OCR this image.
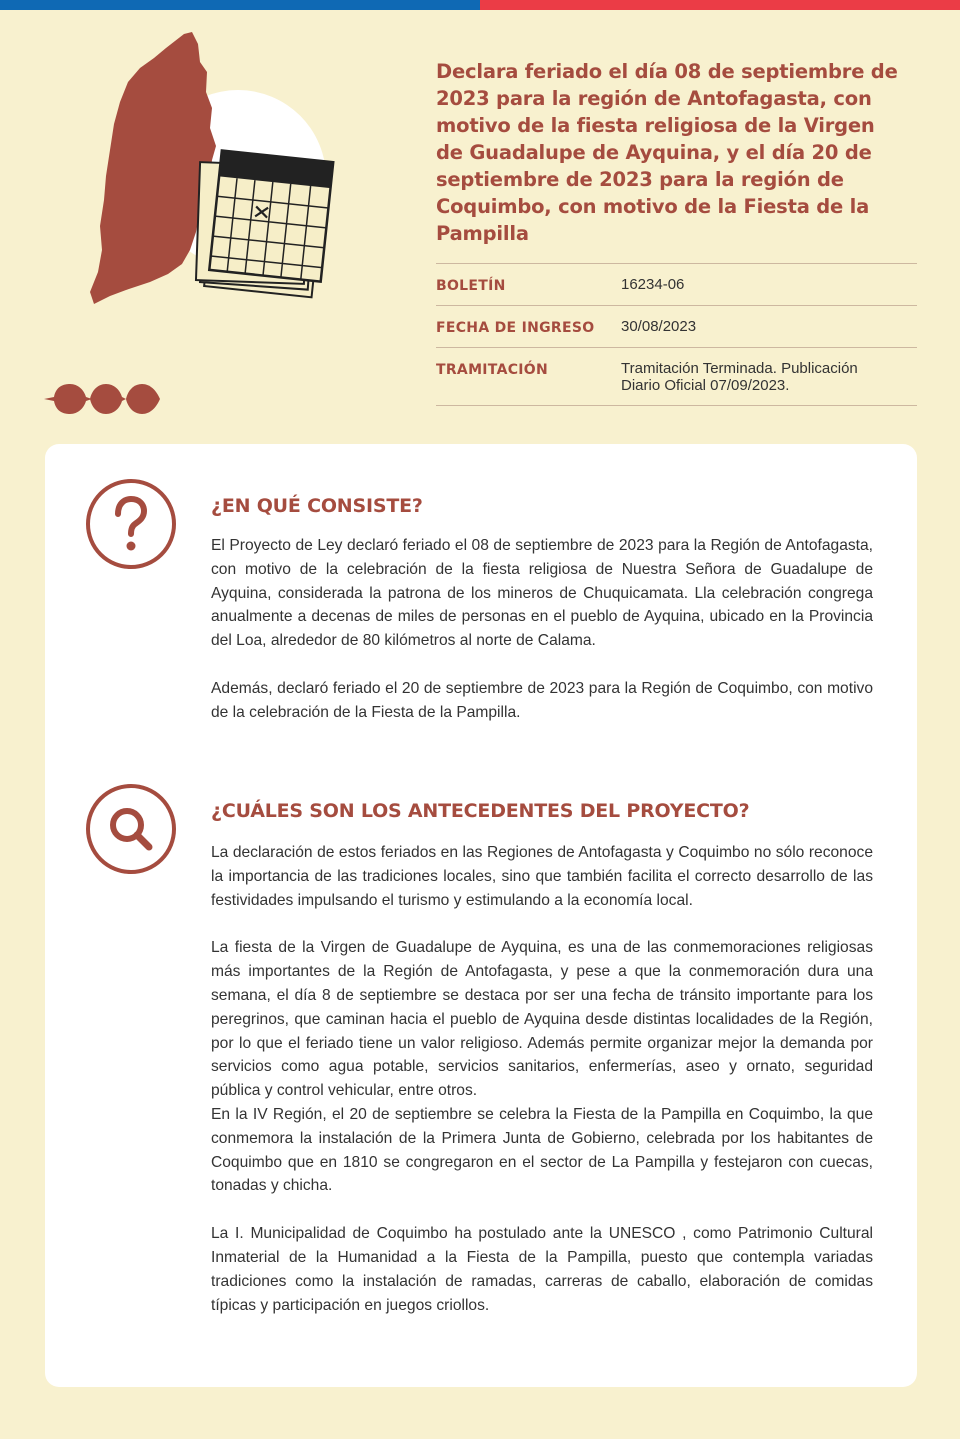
Declara feriado el día 08 de septiembre de 2023 para la región de Antofagasta, con motivo de la fiesta religiosa de la Virgen de Guadalupe de Ayquina, y el día 20 de septiembre de 2023 para la región de Coquimbo, con motivo de la Fiesta de la Pampilla
BOLETÍN	16234-06
FECHA DE INGRESO	30/08/2023
TRAMITACIÓN	Tramitación Terminada. Publicación Diario Oficial 07/09/2023.
¿EN QUÉ CONSISTE?

El Proyecto de Ley declaró feriado el 08 de septiembre de 2023 para la Región de Antofagasta, con motivo de la celebración de la fiesta religiosa de Nuestra Señora de Guadalupe de Ayquina, considerada la patrona de los mineros de Chuquicamata. Lla celebración congrega anualmente a decenas de miles de personas en el pueblo de Ayquina, ubicado en la Provincia del Loa, alrededor de 80 kilómetros al norte de Calama.

Además, declaró feriado el 20 de septiembre de 2023 para la Región de Coquimbo, con motivo de la celebración de la Fiesta de la Pampilla.

¿CUÁLES SON LOS ANTECEDENTES DEL PROYECTO?

La declaración de estos feriados en las Regiones de Antofagasta y Coquimbo no sólo reconoce la importancia de las tradiciones locales, sino que también facilita el correcto desarrollo de las festividades impulsando el turismo y estimulando a la economía local.

La fiesta de la Virgen de Guadalupe de Ayquina, es una de las conmemoraciones religiosas más importantes de la Región de Antofagasta, y pese a que la conmemoración dura una semana, el día 8 de septiembre se destaca por ser una fecha de tránsito importante para los peregrinos, que caminan hacia el pueblo de Ayquina desde distintas localidades de la Región, por lo que el feriado tiene un valor religioso. Además permite organizar mejor la demanda por servicios como agua potable, servicios sanitarios, enfermerías, aseo y ornato, seguridad pública y control vehicular, entre otros.

En la IV Región, el 20 de septiembre se celebra la Fiesta de la Pampilla en Coquimbo, la que conmemora la instalación de la Primera Junta de Gobierno, celebrada por los habitantes de Coquimbo que en 1810 se congregaron en el sector de La Pampilla y festejaron con cuecas, tonadas y chicha.

La I. Municipalidad de Coquimbo ha postulado ante la UNESCO , como Patrimonio Cultural Inmaterial de la Humanidad a la Fiesta de la Pampilla, puesto que contempla variadas tradiciones como la instalación de ramadas, carreras de caballo, elaboración de comidas típicas y participación en juegos criollos.
